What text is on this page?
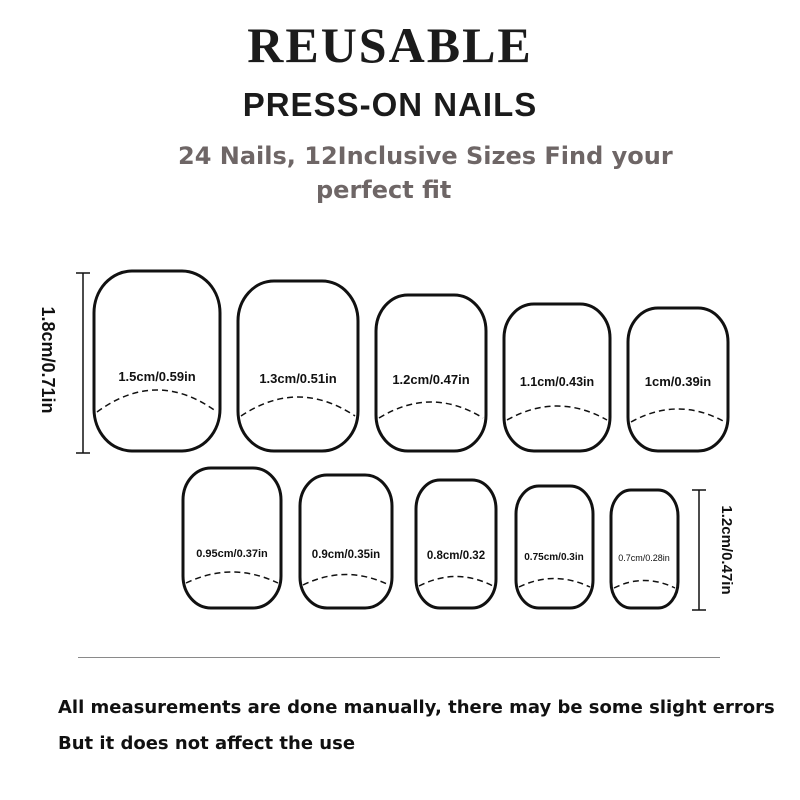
REUSABLE
PRESS-ON NAILS
24 Nails, 12Inclusive Sizes Find your
perfect fit
1.8cm/0.71in
1.2cm/0.47in
1.5cm/0.59in	1.3cm/0.51in	1.2cm/0.47in	1.1cm/0.43in	1cm/0.39in
0.95cm/0.37in	0.9cm/0.35in	0.8cm/0.32	0.75cm/0.3in	0.7cm/0.28in
All measurements are done manually, there may be some slight errors
But it does not affect the use
